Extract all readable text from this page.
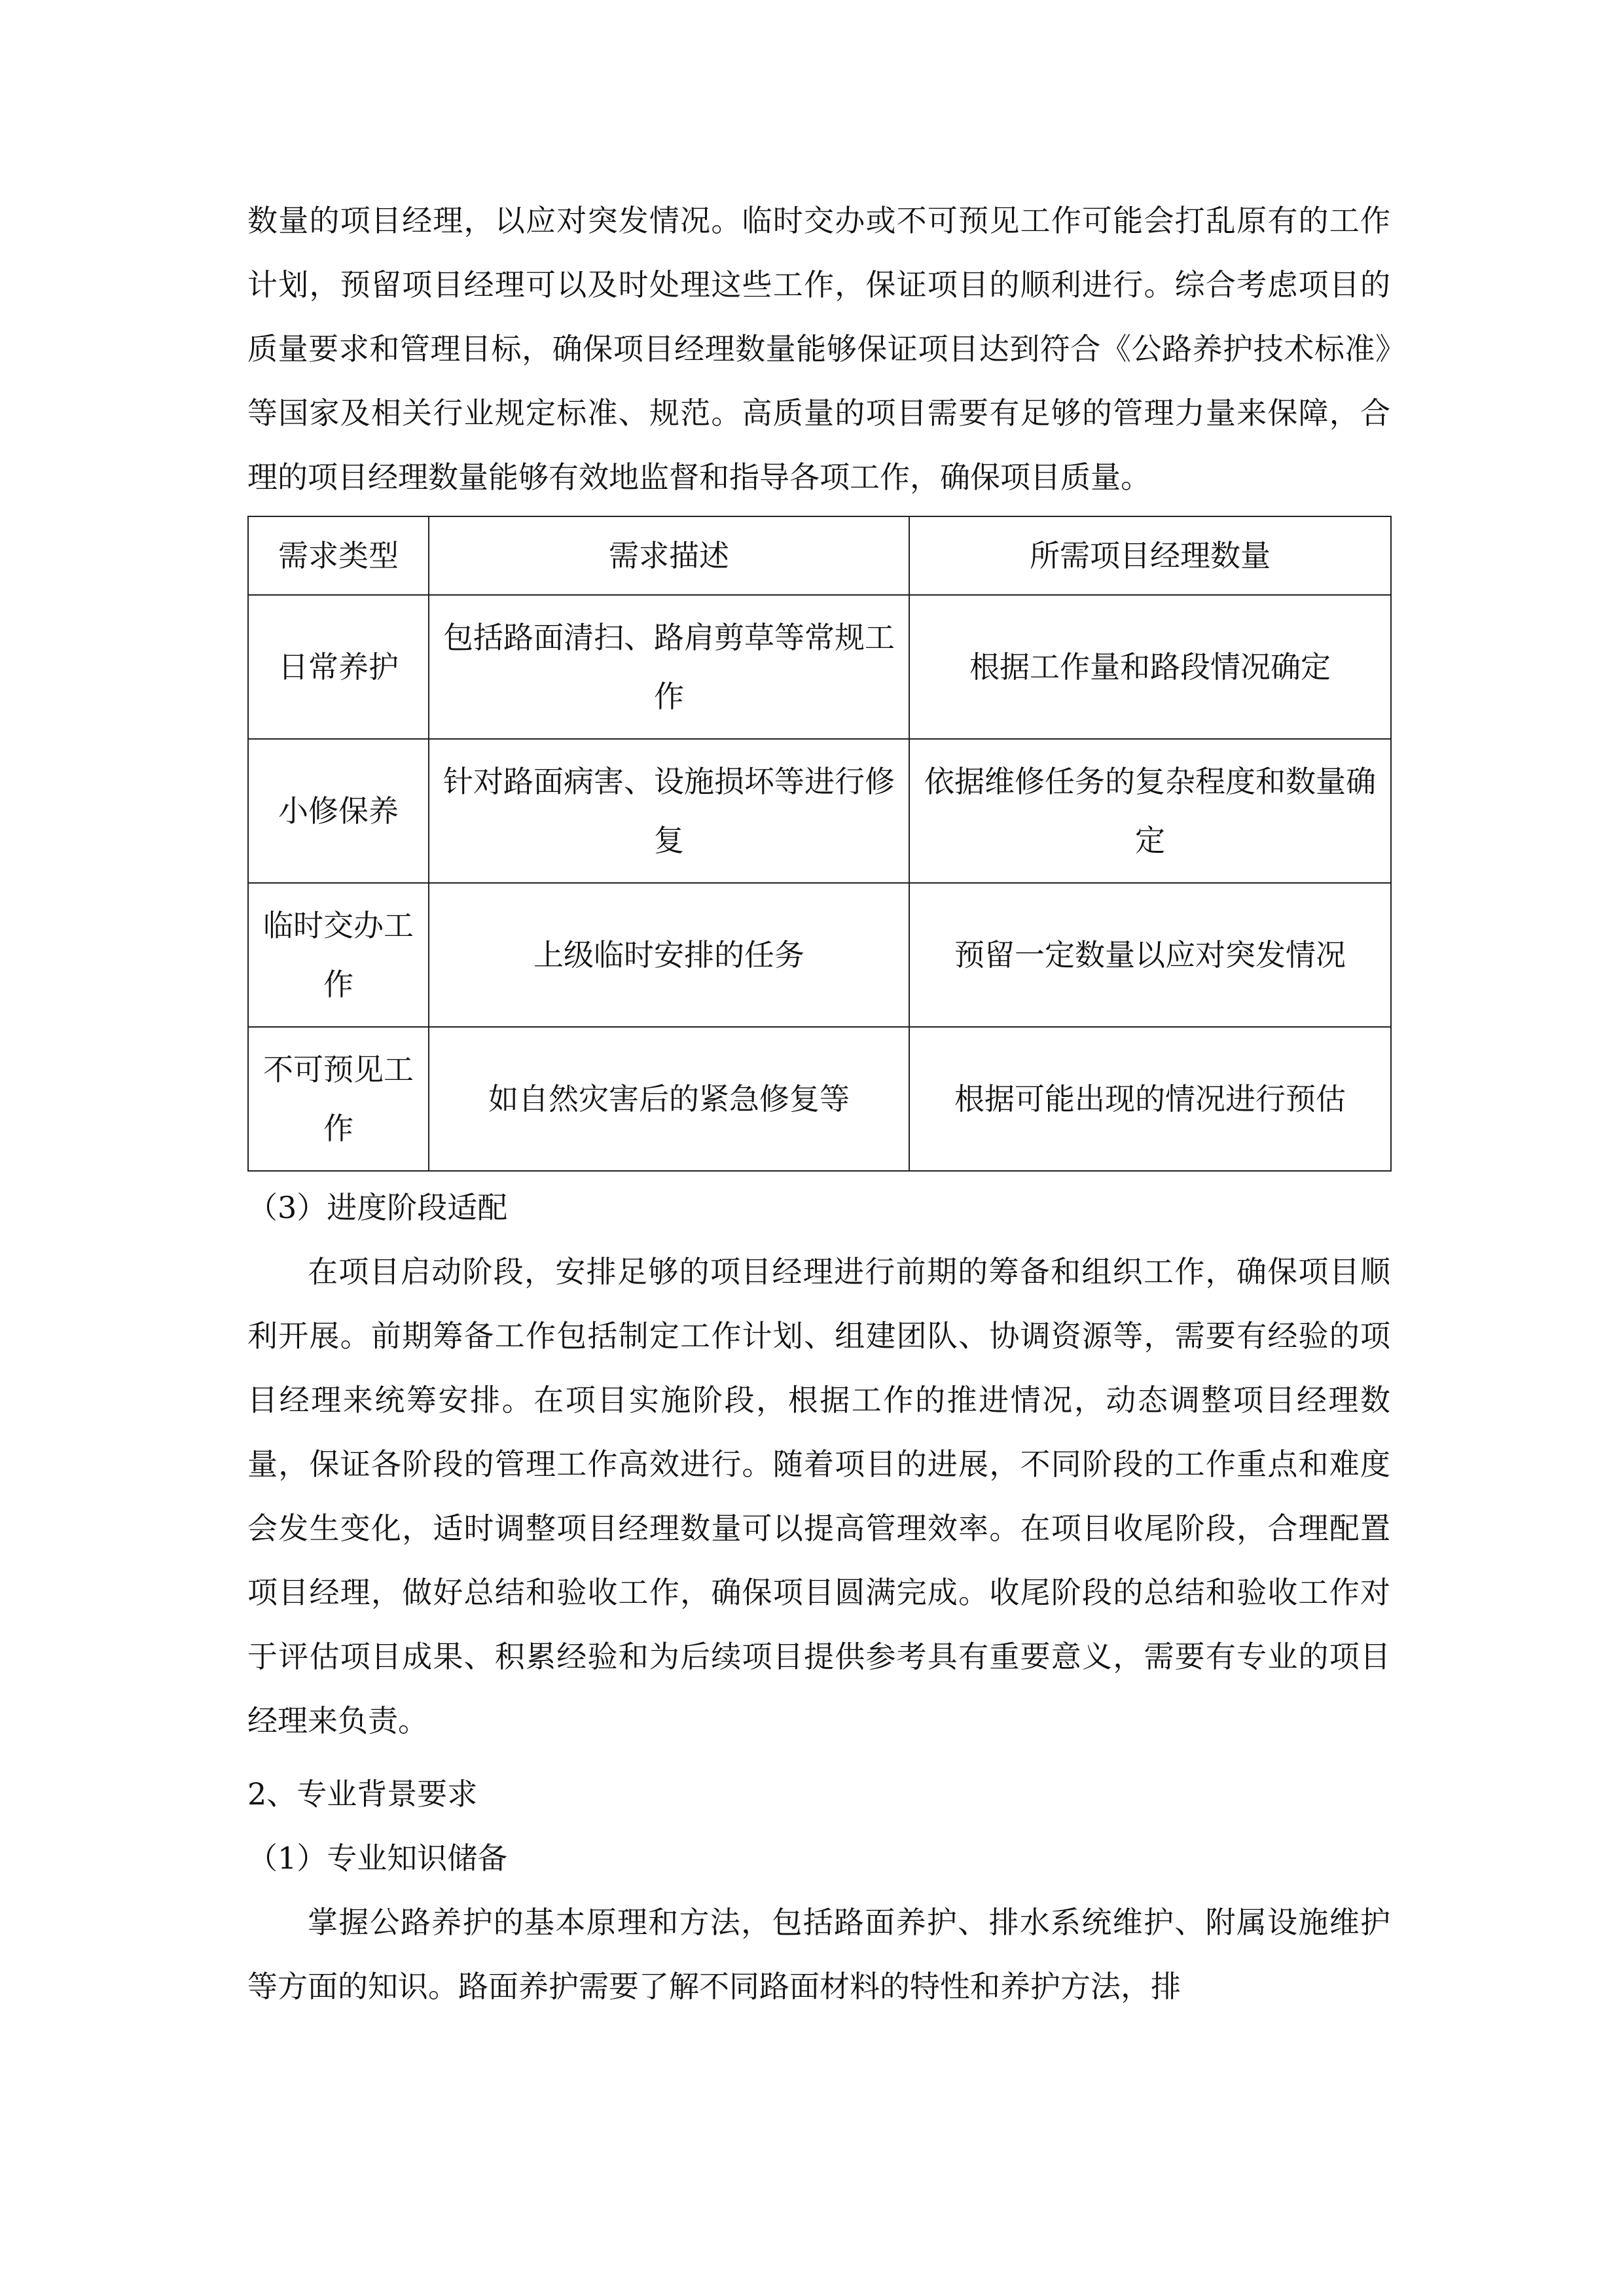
数量的项目经理，以应对突发情况。临时交办或不可预见工作可能会打乱原有的工作计划，预留项目经理可以及时处理这些工作，保证项目的顺利进行。综合考虑项目的质量要求和管理目标，确保项目经理数量能够保证项目达到符合《公路养护技术标准》等国家及相关行业规定标准、规范。高质量的项目需要有足够的管理力量来保障，合理的项目经理数量能够有效地监督和指导各项工作，确保项目质量。

需求类型	需求描述	所需项目经理数量
日常养护	包括路面清扫、路肩剪草等常规工作	根据工作量和路段情况确定
小修保养	针对路面病害、设施损坏等进行修复	依据维修任务的复杂程度和数量确定
临时交办工作	上级临时安排的任务	预留一定数量以应对突发情况
不可预见工作	如自然灾害后的紧急修复等	根据可能出现的情况进行预估

（3）进度阶段适配

在项目启动阶段，安排足够的项目经理进行前期的筹备和组织工作，确保项目顺利开展。前期筹备工作包括制定工作计划、组建团队、协调资源等，需要有经验的项目经理来统筹安排。在项目实施阶段，根据工作的推进情况，动态调整项目经理数量，保证各阶段的管理工作高效进行。随着项目的进展，不同阶段的工作重点和难度会发生变化，适时调整项目经理数量可以提高管理效率。在项目收尾阶段，合理配置项目经理，做好总结和验收工作，确保项目圆满完成。收尾阶段的总结和验收工作对于评估项目成果、积累经验和为后续项目提供参考具有重要意义，需要有专业的项目经理来负责。

2、专业背景要求

（1）专业知识储备

掌握公路养护的基本原理和方法，包括路面养护、排水系统维护、附属设施维护等方面的知识。路面养护需要了解不同路面材料的特性和养护方法，排
